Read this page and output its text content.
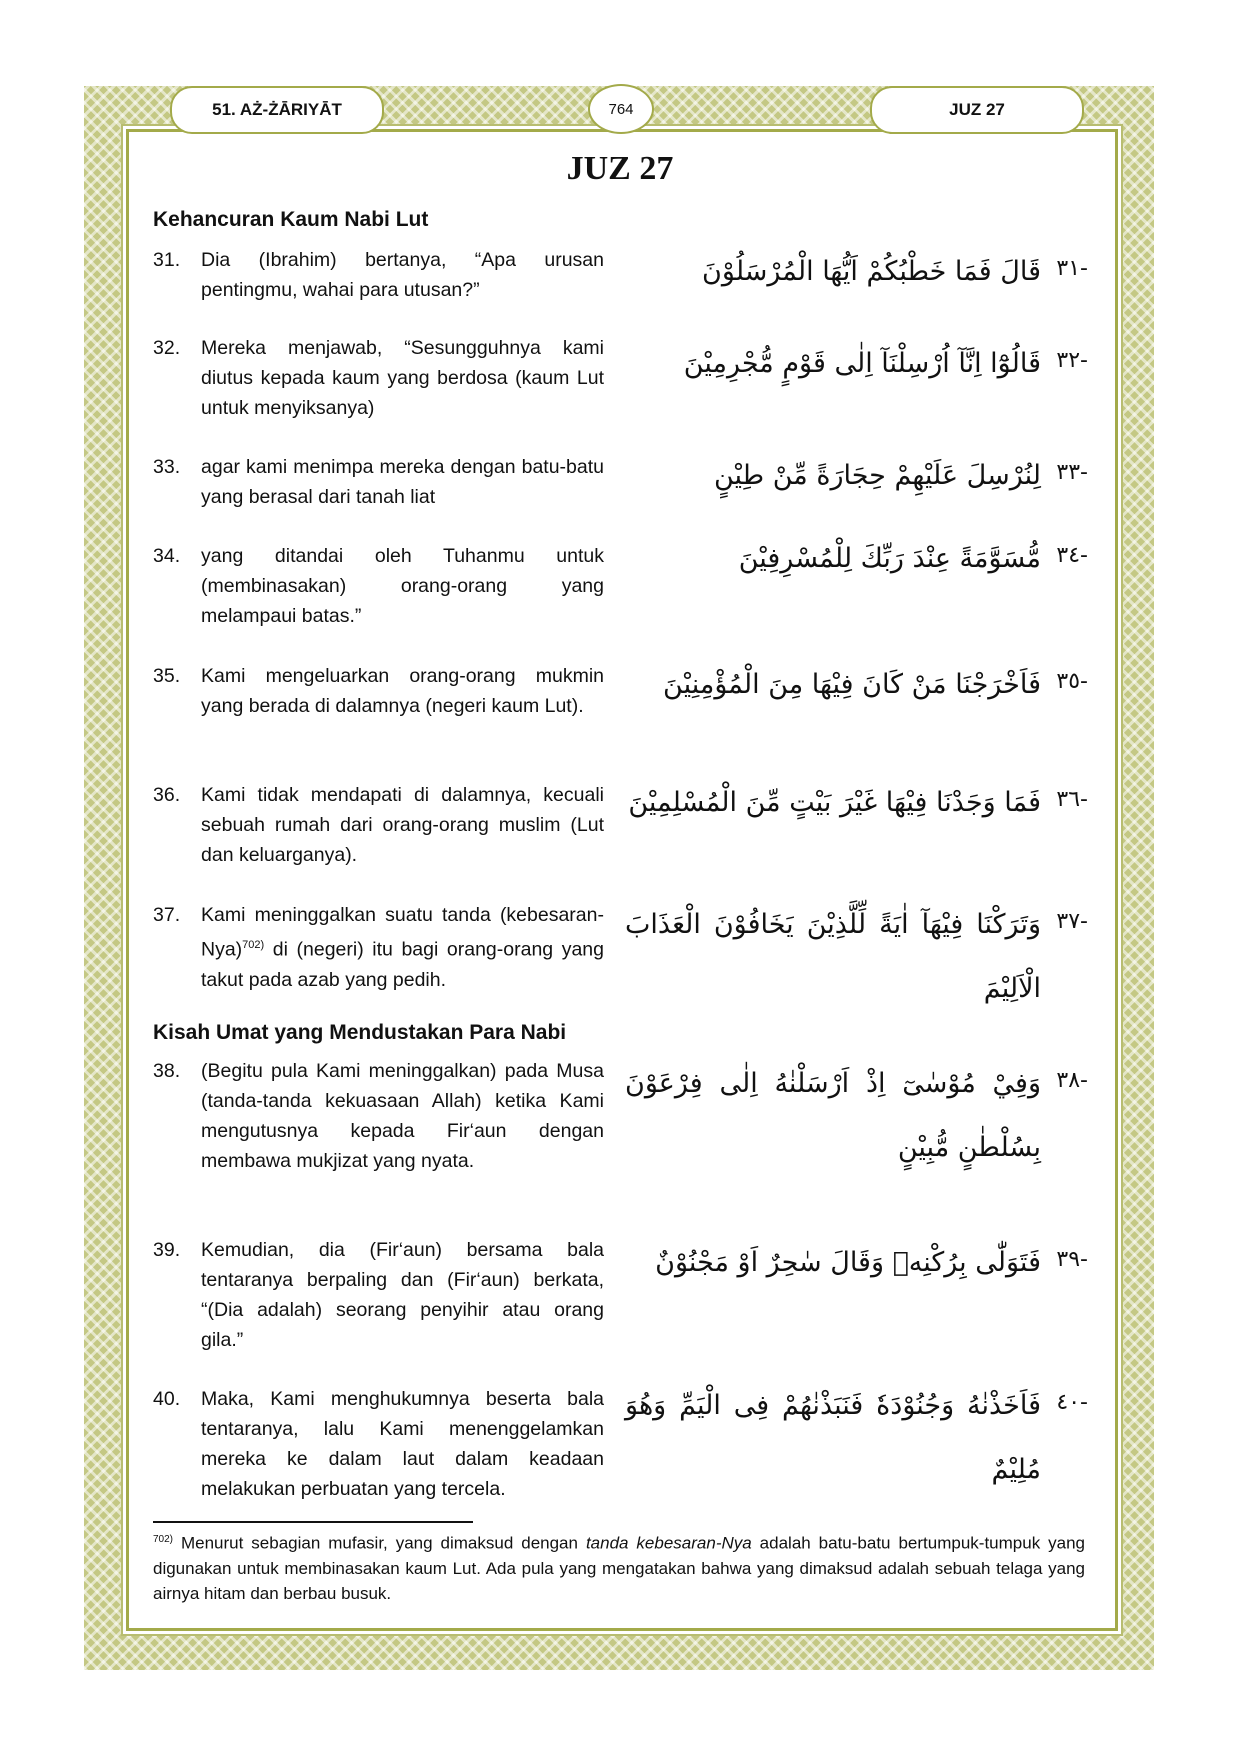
51. AŻ-ŻĀRIYĀT	764	JUZ 27
JUZ 27
Kehancuran Kaum Nabi Lut
Kisah Umat yang Mendustakan Para Nabi
31. Dia (Ibrahim) bertanya, “Apa urusan pentingmu, wahai para utusan?”
-٣١
قَالَ فَمَا خَطْبُكُمْ اَيُّهَا الْمُرْسَلُوْنَ
32. Mereka menjawab, “Sesungguhnya kami diutus kepada kaum yang berdosa (kaum Lut untuk menyiksanya)
-٣٢
قَالُوْٓا اِنَّآ اُرْسِلْنَآ اِلٰى قَوْمٍ مُّجْرِمِيْنَ
33. agar kami menimpa mereka dengan batu-batu yang berasal dari tanah liat
-٣٣
لِنُرْسِلَ عَلَيْهِمْ حِجَارَةً مِّنْ طِيْنٍ
34. yang ditandai oleh Tuhanmu untuk (membinasakan) orang-orang yang melampaui batas.”
-٣٤
مُّسَوَّمَةً عِنْدَ رَبِّكَ لِلْمُسْرِفِيْنَ
35. Kami mengeluarkan orang-orang mukmin yang berada di dalamnya (negeri kaum Lut).
-٣٥
فَاَخْرَجْنَا مَنْ كَانَ فِيْهَا مِنَ الْمُؤْمِنِيْنَ
36. Kami tidak mendapati di dalamnya, kecuali sebuah rumah dari orang-orang muslim (Lut dan keluarganya).
-٣٦
فَمَا وَجَدْنَا فِيْهَا غَيْرَ بَيْتٍ مِّنَ الْمُسْلِمِيْنَ
37. Kami meninggalkan suatu tanda (kebesaran-Nya)$^{702)}$ di (negeri) itu bagi orang-orang yang takut pada azab yang pedih.
-٣٧
وَتَرَكْنَا فِيْهَآ اٰيَةً لِّلَّذِيْنَ يَخَافُوْنَ الْعَذَابَ الْاَلِيْمَ
38. (Begitu pula Kami meninggalkan) pada Musa (tanda-tanda kekuasaan Allah) ketika Kami mengutusnya kepada Fir‘aun dengan membawa mukjizat yang nyata.
-٣٨
وَفِيْ مُوْسٰىٓ اِذْ اَرْسَلْنٰهُ اِلٰى فِرْعَوْنَ بِسُلْطٰنٍ مُّبِيْنٍ
39. Kemudian, dia (Fir‘aun) bersama bala tentaranya berpaling dan (Fir‘aun) berkata, “(Dia adalah) seorang penyihir atau orang gila.”
-٣٩
فَتَوَلّٰى بِرُكْنِهٖ وَقَالَ سٰحِرٌ اَوْ مَجْنُوْنٌ
40. Maka, Kami menghukumnya beserta bala tentaranya, lalu Kami menenggelamkan mereka ke dalam laut dalam keadaan melakukan perbuatan yang tercela.
-٤٠
فَاَخَذْنٰهُ وَجُنُوْدَهٗ فَنَبَذْنٰهُمْ فِى الْيَمِّ وَهُوَ مُلِيْمٌ
$^{702)}$ Menurut sebagian mufasir, yang dimaksud dengan tanda kebesaran-Nya adalah batu-batu bertumpuk-tumpuk yang digunakan untuk membinasakan kaum Lut. Ada pula yang mengatakan bahwa yang dimaksud adalah sebuah telaga yang airnya hitam dan berbau busuk.
